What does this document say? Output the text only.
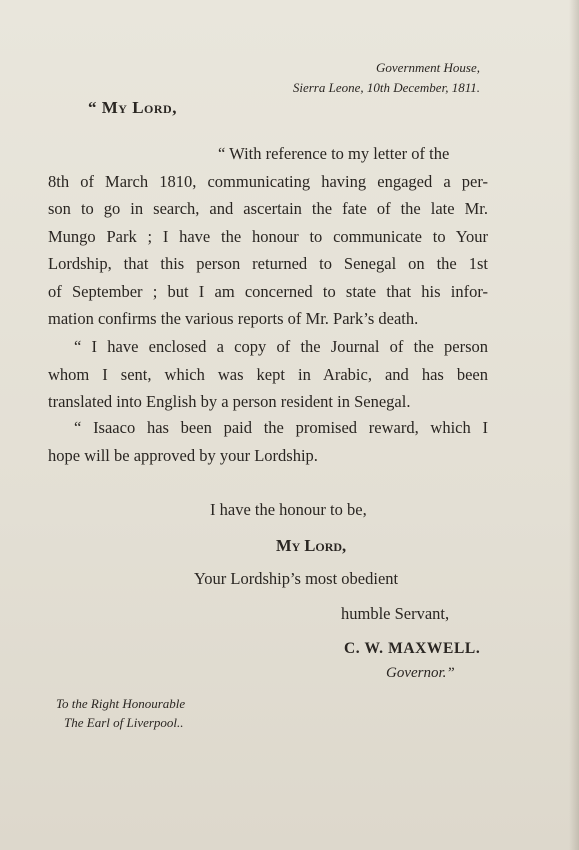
Government House,
Sierra Leone, 10th December, 1811.
“ My Lord,
“ With reference to my letter of the
8th of March 1810, communicating having engaged a per-
son to go in search, and ascertain the fate of the late Mr.
Mungo Park ; I have the honour to communicate to Your
Lordship, that this person returned to Senegal on the 1st
of September ; but I am concerned to state that his infor-
mation confirms the various reports of Mr. Park’s death.
“ I have enclosed a copy of the Journal of the person
whom I sent, which was kept in Arabic, and has been
translated into English by a person resident in Senegal.
“ Isaaco has been paid the promised reward, which I
hope will be approved by your Lordship.
I have the honour to be,
My Lord,
Your Lordship’s most obedient
humble Servant,
C. W. MAXWELL.
Governor.”
To the Right Honourable
The Earl of Liverpool..
